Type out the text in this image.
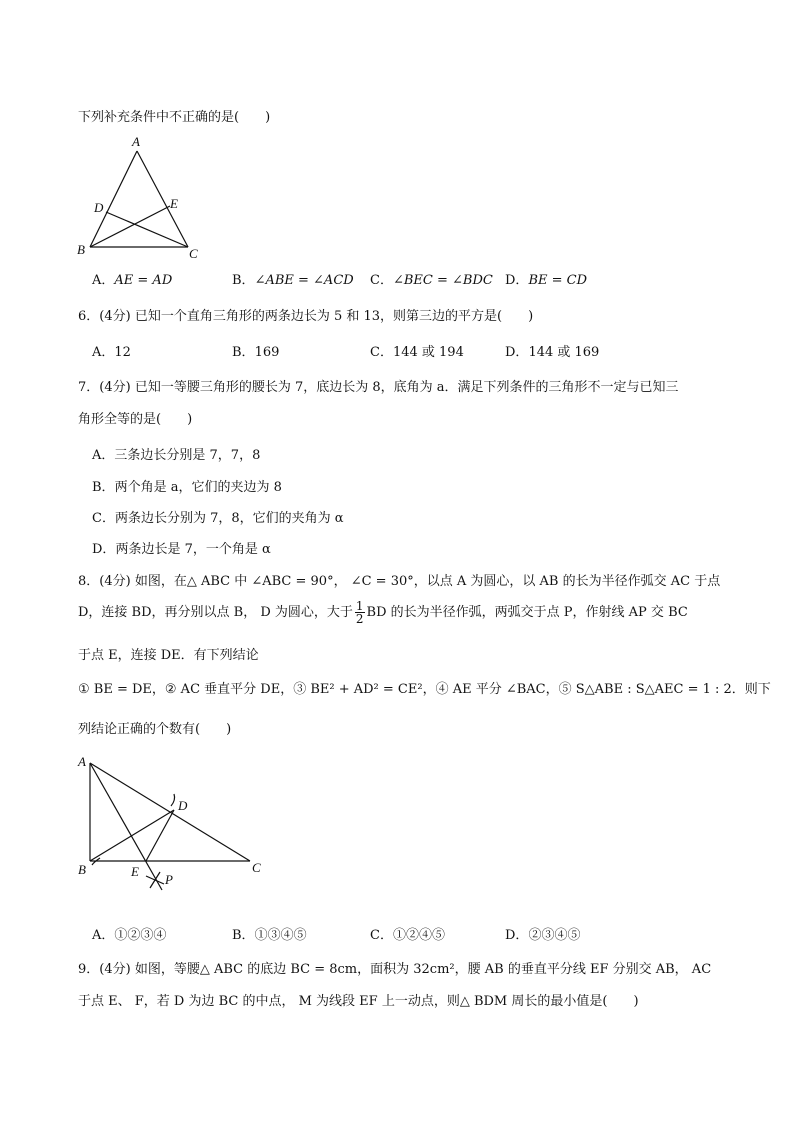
下列补充条件中不正确的是(　　)
A
D	E
B	C
A．AE = AD	B．∠ABE = ∠ACD C．∠BEC = ∠BDC D．BE = CD
6．(4分) 已知一个直角三角形的两条边长为 5 和 13，则第三边的平方是(　　)
A．12	B．169	C．144 或 194	D．144 或 169
7．(4分) 已知一等腰三角形的腰长为 7，底边长为 8，底角为 a．满足下列条件的三角形不一定与已知三
角形全等的是(　　)
A．三条边长分别是 7，7，8
B．两个角是 a，它们的夹边为 8
C．两条边长分别为 7，8，它们的夹角为 α
D．两条边长是 7，一个角是 α
8．(4分) 如图，在△ ABC 中 ∠ABC = 90°， ∠C = 30°，以点 A 为圆心，以 AB 的长为半径作弧交 AC 于点
D，连接 BD，再分别以点 B， D 为圆心，大于 $\frac{1}{2}$ BD 的长为半径作弧，两弧交于点 P，作射线 AP 交 BC
于点 E，连接 DE．有下列结论
① BE = DE，② AC 垂直平分 DE，③ BE² + AD² = CE²，④ AE 平分 ∠BAC，⑤ S△ABE : S△AEC = 1 : 2．则下
列结论正确的个数有(　　)
A
D
B	E	C
P
A．①②③④	B．①③④⑤	C．①②④⑤	D．②③④⑤
9．(4分) 如图，等腰△ ABC 的底边 BC = 8cm，面积为 32cm²，腰 AB 的垂直平分线 EF 分别交 AB， AC
于点 E、 F，若 D 为边 BC 的中点， M 为线段 EF 上一动点，则△ BDM 周长的最小值是(　　)
